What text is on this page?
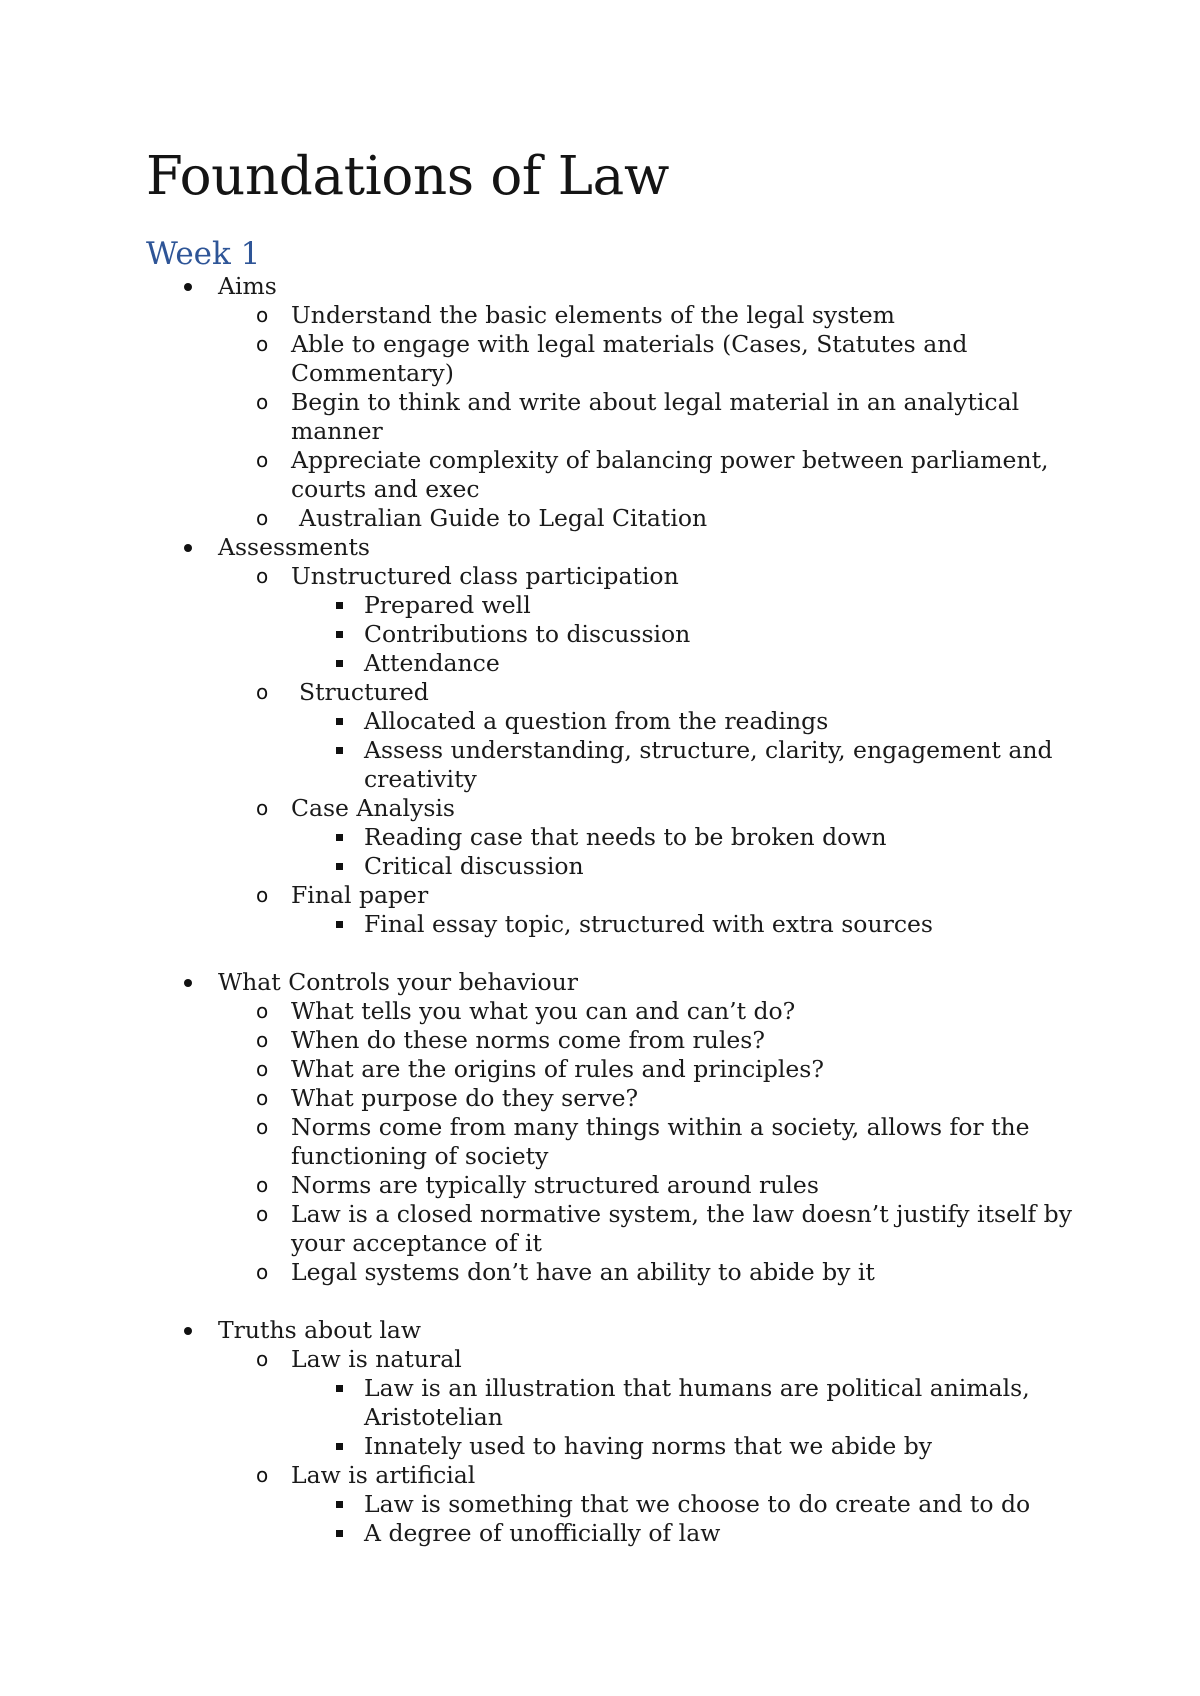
Foundations of Law
Week 1
Aims
o Understand the basic elements of the legal system
o Able to engage with legal materials (Cases, Statutes and Commentary)
o Begin to think and write about legal material in an analytical manner
o Appreciate complexity of balancing power between parliament, courts and exec
o	Australian Guide to Legal Citation
Assessments
o Unstructured class participation
Prepared well
Contributions to discussion
Attendance
o	Structured
Allocated a question from the readings
Assess understanding, structure, clarity, engagement and creativity
o Case Analysis
Reading case that needs to be broken down
Critical discussion
o Final paper
Final essay topic, structured with extra sources
What Controls your behaviour
o What tells you what you can and can’t do?
o When do these norms come from rules?
o What are the origins of rules and principles?
o What purpose do they serve?
o Norms come from many things within a society, allows for the functioning of society
o Norms are typically structured around rules
o Law is a closed normative system, the law doesn’t justify itself by your acceptance of it
o Legal systems don’t have an ability to abide by it
Truths about law
o Law is natural
Law is an illustration that humans are political animals, Aristotelian
Innately used to having norms that we abide by
o Law is artificial
Law is something that we choose to do create and to do
A degree of unofficially of law
